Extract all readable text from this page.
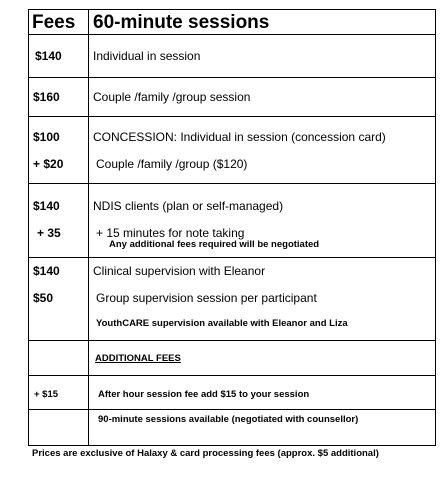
Fees 60-minute sessions
$140	Individual in session
$160	Couple /family /group session
$100	CONCESSION: Individual in session (concession card)
+ $20	Couple /family /group ($120)
$140	NDIS clients (plan or self-managed)
+ 35	+ 15 minutes for note taking
Any additional fees required will be negotiated
$140	Clinical supervision with Eleanor
$50	Group supervision session per participant
YouthCARE supervision available with Eleanor and Liza
ADDITIONAL FEES
+ $15	After hour session fee add $15 to your session
90-minute sessions available (negotiated with counsellor)
Prices are exclusive of Halaxy & card processing fees (approx. $5 additional)
